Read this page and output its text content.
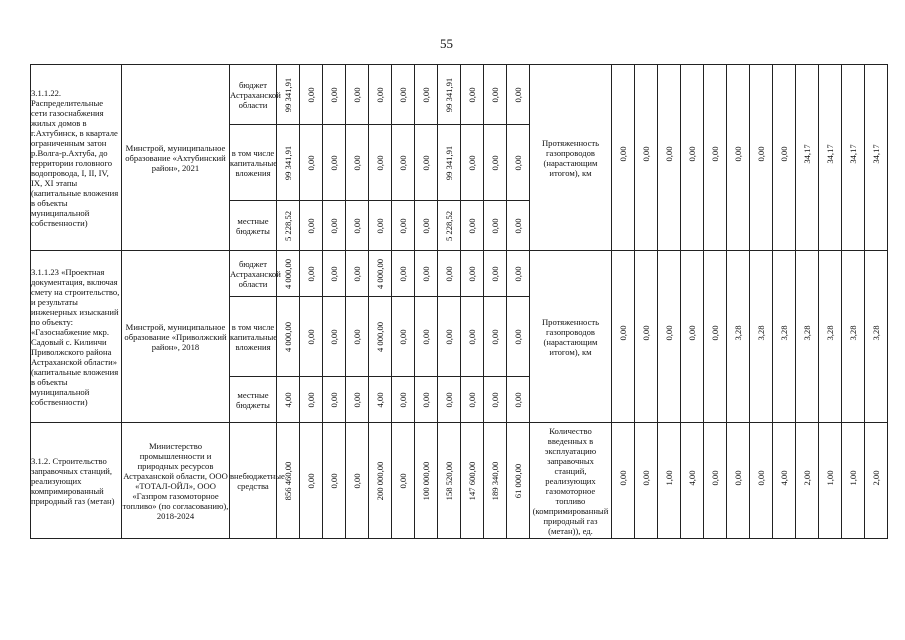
55
3.1.1.22. Распределительные сети газоснабжения жилых домов в г.Ахтубинск, в квартале ограниченным затон р.Волга-р.Ахтуба, до территории головного водопровода, I, II, IV, IX, XI этапы (капитальные вложения в объекты муниципальной собственности)	Минстрой, муниципальное образование «Ахтубинский район», 2021	бюджет Астраханской области	99 341,91	0,00	0,00	0,00	0,00	0,00	0,00	99 341,91	0,00	0,00	0,00	Протяженность газопроводов (нарастающим итогом), км	0,00	0,00	0,00	0,00	0,00	0,00	0,00	0,00	34,17	34,17	34,17	34,17

		в том числе капитальные вложения	99 341,91	0,00	0,00	0,00	0,00	0,00	0,00	99 341,91	0,00	0,00	0,00													

		местные бюджеты	5 228,52	0,00	0,00	0,00	0,00	0,00	0,00	5 228,52	0,00	0,00	0,00													

3.1.1.23 «Проектная документация, включая смету на строительство, и результаты инженерных изысканий по объекту: «Газоснабжение мкр. Садовый с. Килинчи Приволжского района Астраханской области» (капитальные вложения в объекты муниципальной собственности)	Минстрой, муниципальное образование «Приволжский район», 2018	бюджет Астраханской области	4 000,00	0,00	0,00	0,00	4 000,00	0,00	0,00	0,00	0,00	0,00	0,00	Протяженность газопроводов (нарастающим итогом), км	0,00	0,00	0,00	0,00	0,00	3,28	3,28	3,28	3,28	3,28	3,28	3,28

		в том числе капитальные вложения	4 000,00	0,00	0,00	0,00	4 000,00	0,00	0,00	0,00	0,00	0,00	0,00													

		местные бюджеты	4,00	0,00	0,00	0,00	4,00	0,00	0,00	0,00	0,00	0,00	0,00													

3.1.2. Строительство заправочных станций, реализующих компримированный природный газ (метан)	Министерство промышленности и природных ресурсов Астраханской области, ООО «ТОТАЛ-ОЙЛ», ООО «Газпром газомоторное топливо» (по согласованию), 2018-2024	внебюджетные средства	856 460,00	0,00	0,00	0,00	200 000,00	0,00	100 000,00	158 520,00	147 600,00	189 340,00	61 000,00	Количество введенных в эксплуатацию заправочных станций, реализующих газомоторное топливо (компримированный природный газ (метан)), ед.	0,00	0,00	1,00	4,00	0,00	0,00	0,00	4,00	2,00	1,00	1,00	2,00
